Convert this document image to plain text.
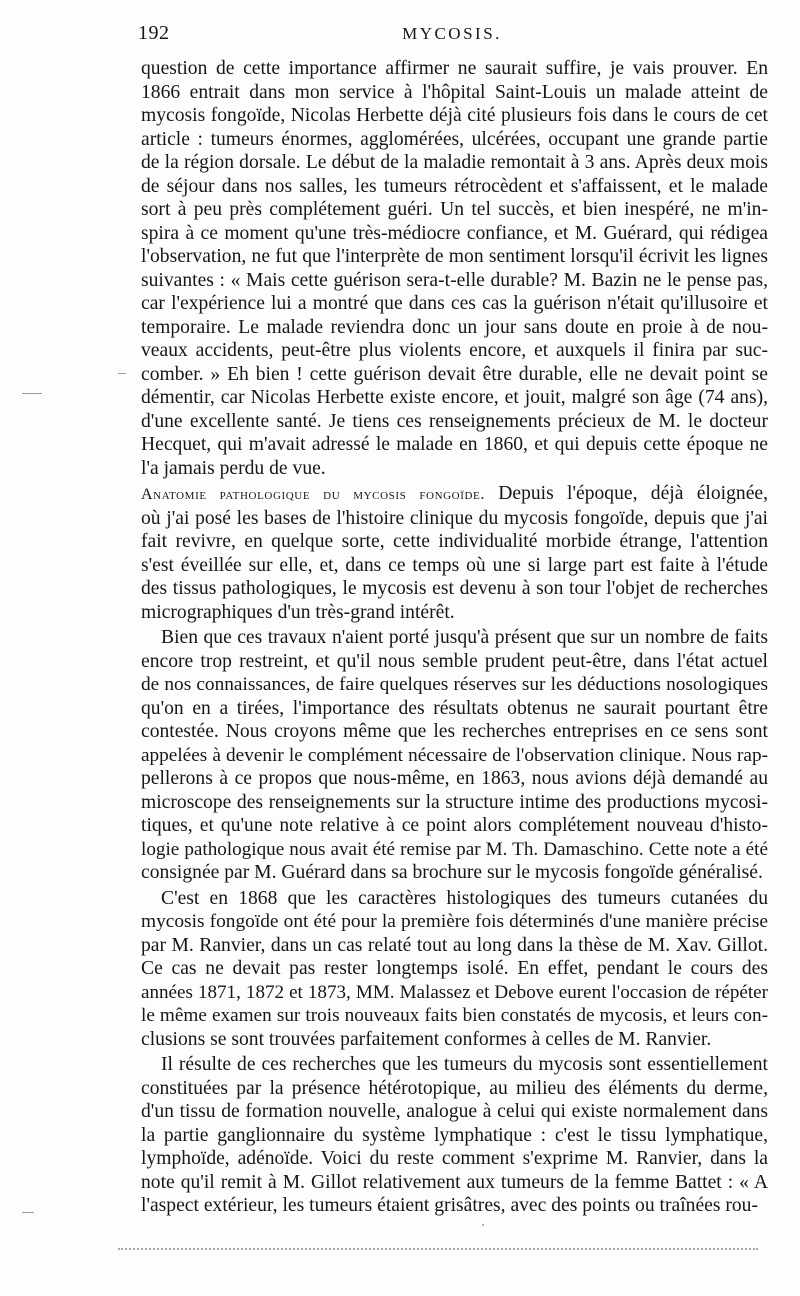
192	MYCOSIS.
question de cette importance affirmer ne saurait suffire, je vais prouver. En
1866 entrait dans mon service à l'hôpital Saint-Louis un malade atteint de
mycosis fongoïde, Nicolas Herbette déjà cité plusieurs fois dans le cours de cet
article : tumeurs énormes, agglomérées, ulcérées, occupant une grande partie
de la région dorsale. Le début de la maladie remontait à 3 ans. Après deux mois
de séjour dans nos salles, les tumeurs rétrocèdent et s'affaissent, et le malade
sort à peu près complétement guéri. Un tel succès, et bien inespéré, ne m'in-
spira à ce moment qu'une très-médiocre confiance, et M. Guérard, qui rédigea
l'observation, ne fut que l'interprète de mon sentiment lorsqu'il écrivit les lignes
suivantes : « Mais cette guérison sera-t-elle durable? M. Bazin ne le pense pas,
car l'expérience lui a montré que dans ces cas la guérison n'était qu'illusoire et
temporaire. Le malade reviendra donc un jour sans doute en proie à de nou-
veaux accidents, peut-être plus violents encore, et auxquels il finira par suc-
comber. » Eh bien ! cette guérison devait être durable, elle ne devait point se
démentir, car Nicolas Herbette existe encore, et jouit, malgré son âge (74 ans),
d'une excellente santé. Je tiens ces renseignements précieux de M. le docteur
Hecquet, qui m'avait adressé le malade en 1860, et qui depuis cette époque ne
l'a jamais perdu de vue.
Anatomie pathologique du mycosis fongoïde. Depuis l'époque, déjà éloignée,
où j'ai posé les bases de l'histoire clinique du mycosis fongoïde, depuis que j'ai
fait revivre, en quelque sorte, cette individualité morbide étrange, l'attention
s'est éveillée sur elle, et, dans ce temps où une si large part est faite à l'étude
des tissus pathologiques, le mycosis est devenu à son tour l'objet de recherches
micrographiques d'un très-grand intérêt.
Bien que ces travaux n'aient porté jusqu'à présent que sur un nombre de faits
encore trop restreint, et qu'il nous semble prudent peut-être, dans l'état actuel
de nos connaissances, de faire quelques réserves sur les déductions nosologiques
qu'on en a tirées, l'importance des résultats obtenus ne saurait pourtant être
contestée. Nous croyons même que les recherches entreprises en ce sens sont
appelées à devenir le complément nécessaire de l'observation clinique. Nous rap-
pellerons à ce propos que nous-même, en 1863, nous avions déjà demandé au
microscope des renseignements sur la structure intime des productions mycosi-
tiques, et qu'une note relative à ce point alors complétement nouveau d'histo-
logie pathologique nous avait été remise par M. Th. Damaschino. Cette note a été
consignée par M. Guérard dans sa brochure sur le mycosis fongoïde généralisé.
C'est en 1868 que les caractères histologiques des tumeurs cutanées du
mycosis fongoïde ont été pour la première fois déterminés d'une manière précise
par M. Ranvier, dans un cas relaté tout au long dans la thèse de M. Xav. Gillot.
Ce cas ne devait pas rester longtemps isolé. En effet, pendant le cours des
années 1871, 1872 et 1873, MM. Malassez et Debove eurent l'occasion de répéter
le même examen sur trois nouveaux faits bien constatés de mycosis, et leurs con-
clusions se sont trouvées parfaitement conformes à celles de M. Ranvier.
Il résulte de ces recherches que les tumeurs du mycosis sont essentiellement
constituées par la présence hétérotopique, au milieu des éléments du derme,
d'un tissu de formation nouvelle, analogue à celui qui existe normalement dans
la partie ganglionnaire du système lymphatique : c'est le tissu lymphatique,
lymphoïde, adénoïde. Voici du reste comment s'exprime M. Ranvier, dans la
note qu'il remit à M. Gillot relativement aux tumeurs de la femme Battet : « A
l'aspect extérieur, les tumeurs étaient grisâtres, avec des points ou traînées rou-
